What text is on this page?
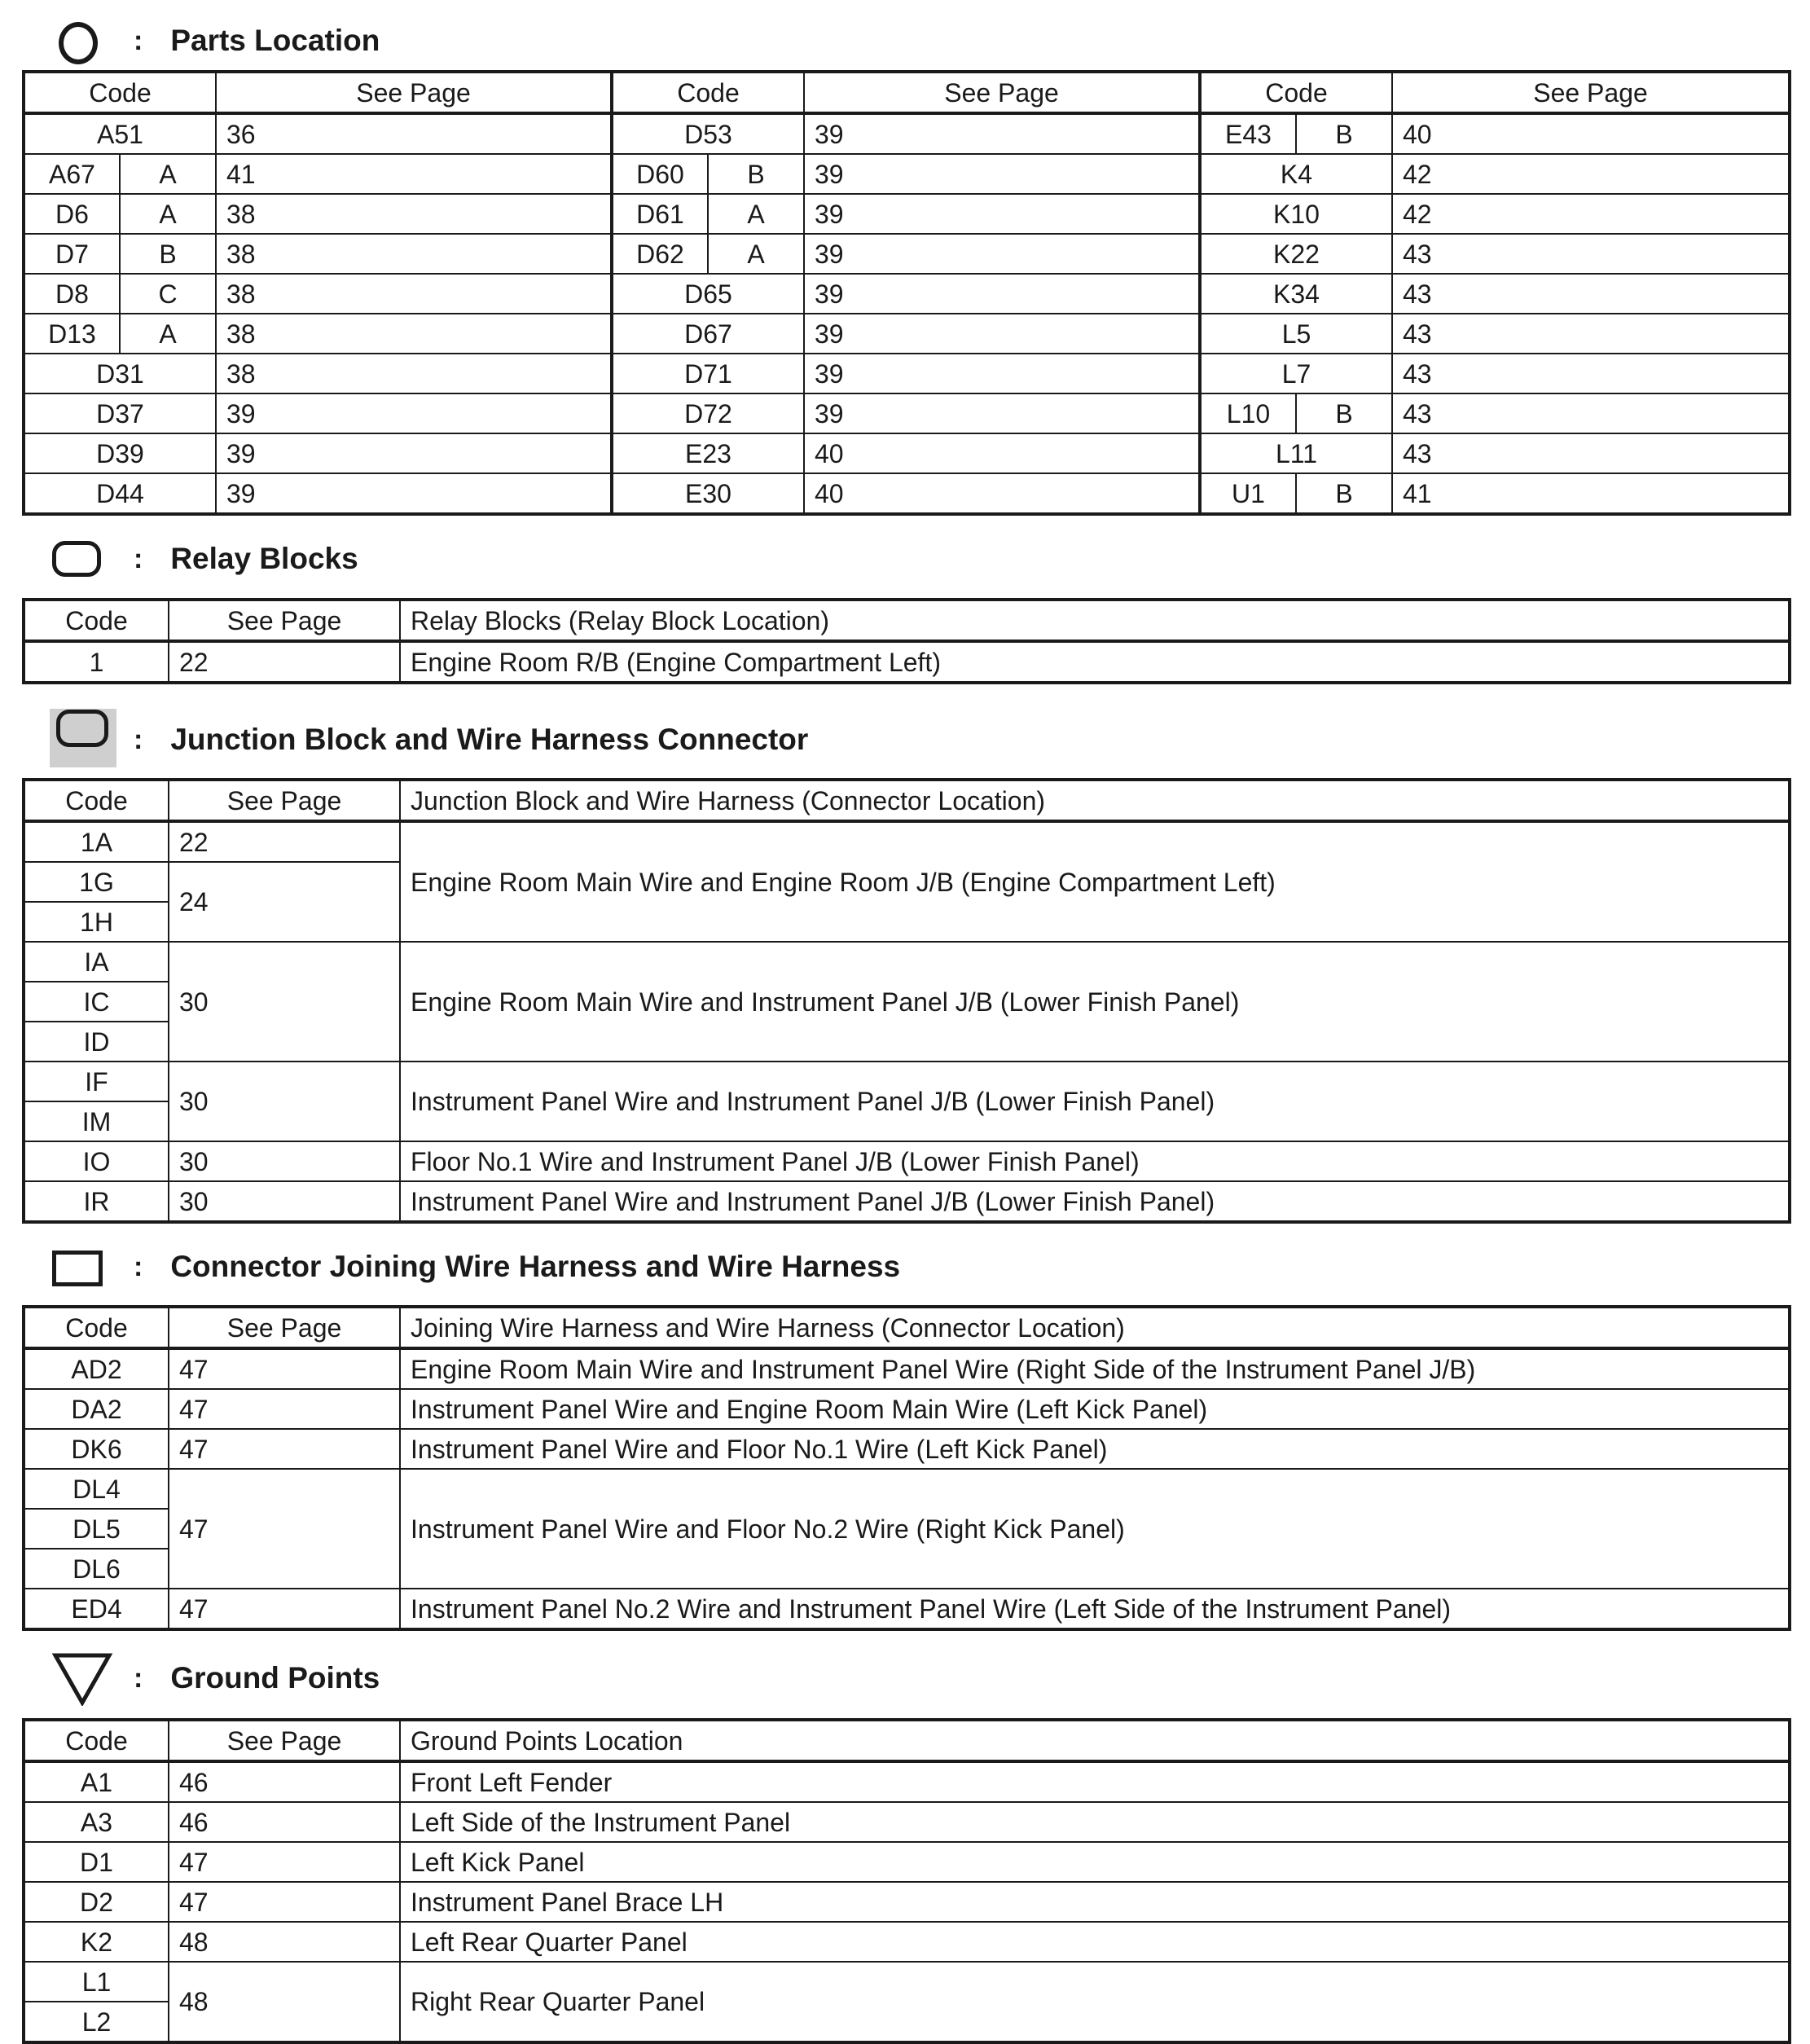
: Parts Location
Code		See Page	Code		See Page	Code		See Page
A51		36	D53		39	E43	B	40
A67	A	41	D60	B	39	K4		42
D6	A	38	D61	A	39	K10		42
D7	B	38	D62	A	39	K22		43
D8	C	38	D65		39	K34		43
D13	A	38	D67		39	L5		43
D31		38	D71		39	L7		43
D37		39	D72		39	L10	B	43
D39		39	E23		40	L11		43
D44		39	E30		40	U1	B	41
: Relay Blocks
Code	See Page	Relay Blocks (Relay Block Location)
1	22	Engine Room R/B (Engine Compartment Left)
: Junction Block and Wire Harness Connector
Code	See Page	Junction Block and Wire Harness (Connector Location)
1A	22	Engine Room Main Wire and Engine Room J/B (Engine Compartment Left)
1G	24	
1H		
IA	30	Engine Room Main Wire and Instrument Panel J/B (Lower Finish Panel)
IC		
ID		
IF	30	Instrument Panel Wire and Instrument Panel J/B (Lower Finish Panel)
IM		
IO	30	Floor No.1 Wire and Instrument Panel J/B (Lower Finish Panel)
IR	30	Instrument Panel Wire and Instrument Panel J/B (Lower Finish Panel)
: Connector Joining Wire Harness and Wire Harness
Code	See Page	Joining Wire Harness and Wire Harness (Connector Location)
AD2	47	Engine Room Main Wire and Instrument Panel Wire (Right Side of the Instrument Panel J/B)
DA2	47	Instrument Panel Wire and Engine Room Main Wire (Left Kick Panel)
DK6	47	Instrument Panel Wire and Floor No.1 Wire (Left Kick Panel)
DL4	47	Instrument Panel Wire and Floor No.2 Wire (Right Kick Panel)
DL5		
DL6		
ED4	47	Instrument Panel No.2 Wire and Instrument Panel Wire (Left Side of the Instrument Panel)
: Ground Points
Code	See Page	Ground Points Location
A1	46	Front Left Fender
A3	46	Left Side of the Instrument Panel
D1	47	Left Kick Panel
D2	47	Instrument Panel Brace LH
K2	48	Left Rear Quarter Panel
L1	48	Right Rear Quarter Panel
L2		
